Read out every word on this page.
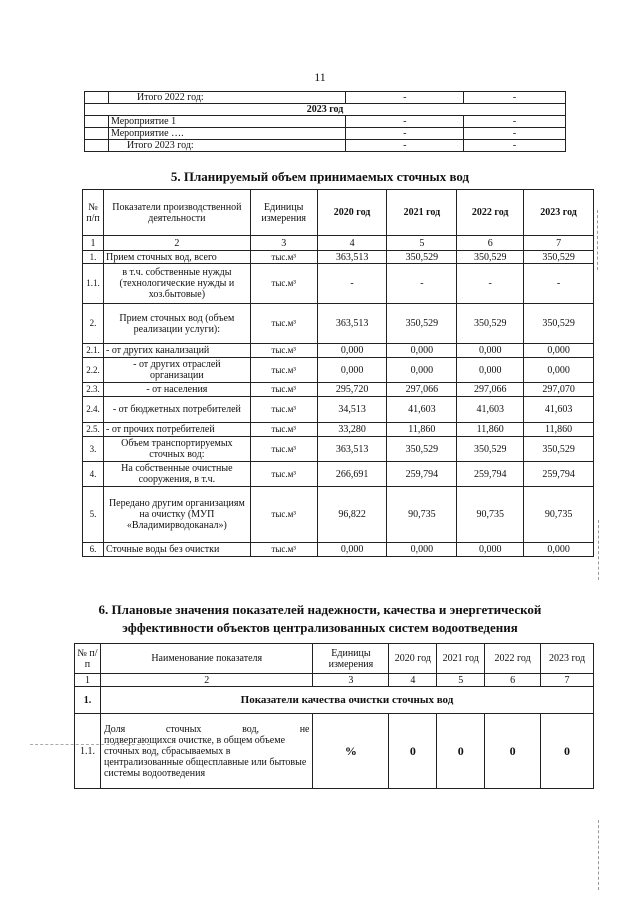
11
	Итого 2022 год:	-	-
2023 год			
	Мероприятие 1	-	-
	Мероприятие ….	-	-
	Итого 2023 год:	-	-
5. Планируемый объем принимаемых сточных вод
№ п/п	Показатели производственной деятельности	Единицы измерения	2020 год	2021 год	2022 год	2023 год
1	2	3	4	5	6	7
1.	Прием сточных вод, всего	тыс.м³	363,513	350,529	350,529	350,529
1.1.	в т.ч. собственные нужды (технологические нужды и хоз.бытовые)	тыс.м³	-	-	-	-
2.	Прием сточных вод (объем реализации услуги):	тыс.м³	363,513	350,529	350,529	350,529
2.1.	- от других канализаций	тыс.м³	0,000	0,000	0,000	0,000
2.2.	- от других отраслей организации	тыс.м³	0,000	0,000	0,000	0,000
2.3.	- от населения	тыс.м³	295,720	297,066	297,066	297,070
2.4.	- от бюджетных потребителей	тыс.м³	34,513	41,603	41,603	41,603
2.5.	- от прочих потребителей	тыс.м³	33,280	11,860	11,860	11,860
3.	Объем транспортируемых сточных вод:	тыс.м³	363,513	350,529	350,529	350,529
4.	На собственные очистные сооружения, в т.ч.	тыс.м³	266,691	259,794	259,794	259,794
5.	Передано другим организациям на очистку (МУП «Владимирводоканал»)	тыс.м³	96,822	90,735	90,735	90,735
6.	Сточные воды без очистки	тыс.м³	0,000	0,000	0,000	0,000
6. Плановые значения показателей надежности, качества и энергетической
эффективности объектов централизованных систем водоотведения
№ п/п	Наименование показателя	Единицы измерения	2020 год	2021 год	2022 год	2023 год
1	2	3	4	5	6	7
1.	Показатели качества очистки сточных вод					
1.1.	Доля сточных вод, не
подвергающихся очистке, в общем объеме сточных вод, сбрасываемых в централизованные общесплавные или бытовые системы водоотведения	%	0	0	0	0
